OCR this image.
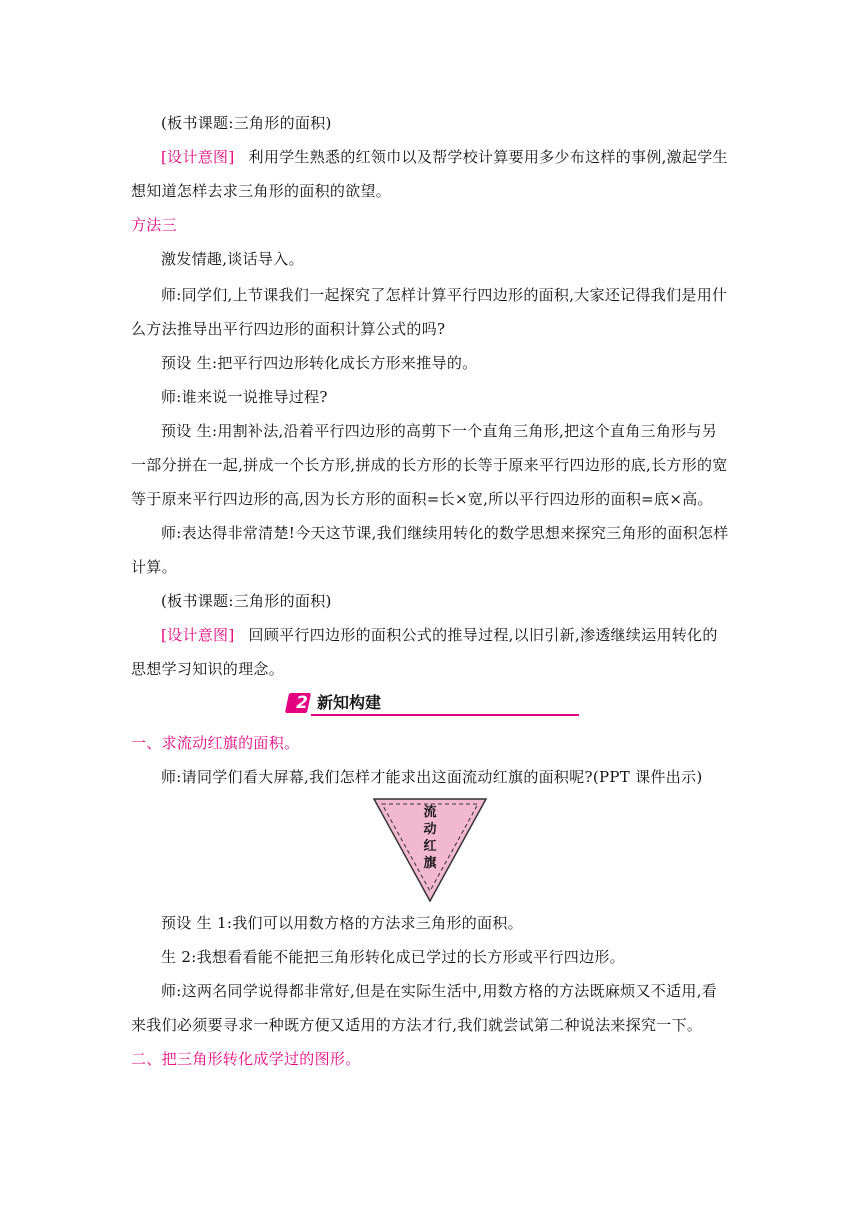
(板书课题:三角形的面积)
[设计意图] 利用学生熟悉的红领巾以及帮学校计算要用多少布这样的事例,激起学生
想知道怎样去求三角形的面积的欲望。
方法三
激发情趣,谈话导入。
师:同学们,上节课我们一起探究了怎样计算平行四边形的面积,大家还记得我们是用什
么方法推导出平行四边形的面积计算公式的吗?
预设 生:把平行四边形转化成长方形来推导的。
师:谁来说一说推导过程?
预设 生:用割补法,沿着平行四边形的高剪下一个直角三角形,把这个直角三角形与另
一部分拼在一起,拼成一个长方形,拼成的长方形的长等于原来平行四边形的底,长方形的宽
等于原来平行四边形的高,因为长方形的面积=长×宽,所以平行四边形的面积=底×高。
师:表达得非常清楚!今天这节课,我们继续用转化的数学思想来探究三角形的面积怎样
计算。
(板书课题:三角形的面积)
[设计意图] 回顾平行四边形的面积公式的推导过程,以旧引新,渗透继续运用转化的
思想学习知识的理念。
2 新知构建
一、求流动红旗的面积。
师:请同学们看大屏幕,我们怎样才能求出这面流动红旗的面积呢?(PPT 课件出示)
流
动
红
旗
预设 生 1:我们可以用数方格的方法求三角形的面积。
生 2:我想看看能不能把三角形转化成已学过的长方形或平行四边形。
师:这两名同学说得都非常好,但是在实际生活中,用数方格的方法既麻烦又不适用,看
来我们必须要寻求一种既方便又适用的方法才行,我们就尝试第二种说法来探究一下。
二、把三角形转化成学过的图形。
